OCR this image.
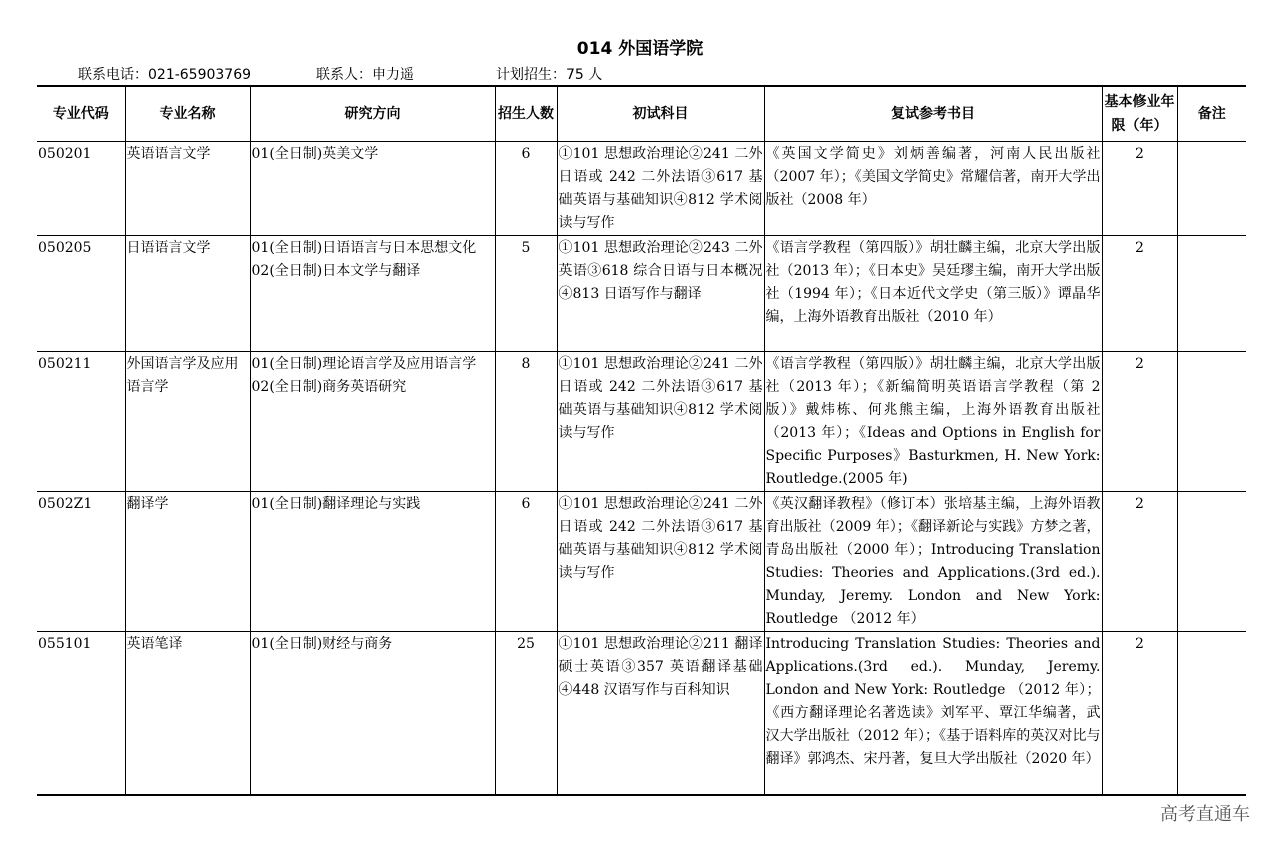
014 外国语学院
联系电话：021-65903769	联系人：申力遥	计划招生：75 人
专业代码	专业名称	研究方向	招生人数	初试科目	复试参考书目	基本修业年限（年）	备注
050201	英语语言文学	01(全日制)英美文学	6	①101 思想政治理论②241 二外日语或 242 二外法语③617 基础英语与基础知识④812 学术阅读与写作	《英国文学简史》刘炳善编著，河南人民出版社（2007 年）；《美国文学简史》常耀信著，南开大学出版社（2008 年）	2	
050205	日语语言文学	01(全日制)日语语言与日本思想文化
02(全日制)日本文学与翻译	5	①101 思想政治理论②243 二外英语③618 综合日语与日本概况④813 日语写作与翻译	《语言学教程（第四版）》胡壮麟主编，北京大学出版社（2013 年）；《日本史》吴廷璆主编，南开大学出版社（1994 年）；《日本近代文学史（第三版）》谭晶华编，上海外语教育出版社（2010 年）	2	
050211	外国语言学及应用语言学	01(全日制)理论语言学及应用语言学
02(全日制)商务英语研究	8	①101 思想政治理论②241 二外日语或 242 二外法语③617 基础英语与基础知识④812 学术阅读与写作	《语言学教程（第四版）》胡壮麟主编，北京大学出版社（2013 年）；《新编简明英语语言学教程（第 2 版）》戴炜栋、何兆熊主编，上海外语教育出版社（2013 年）；《Ideas and Options in English for Specific Purposes》Basturkmen, H. New York: Routledge.(2005 年)	2	
0502Z1	翻译学	01(全日制)翻译理论与实践	6	①101 思想政治理论②241 二外日语或 242 二外法语③617 基础英语与基础知识④812 学术阅读与写作	《英汉翻译教程》（修订本）张培基主编，上海外语教育出版社（2009 年）；《翻译新论与实践》方梦之著，青岛出版社（2000 年）；Introducing Translation Studies: Theories and Applications.(3rd ed.). Munday, Jeremy. London and New York: Routledge （2012 年）	2	
055101	英语笔译	01(全日制)财经与商务	25	①101 思想政治理论②211 翻译硕士英语③357 英语翻译基础④448 汉语写作与百科知识	Introducing Translation Studies: Theories and Applications.(3rd ed.). Munday, Jeremy. London and New York: Routledge （2012 年）；《西方翻译理论名著选读》刘军平、覃江华编著，武汉大学出版社（2012 年）；《基于语料库的英汉对比与翻译》郭鸿杰、宋丹著，复旦大学出版社（2020 年）	2	
高考直通车
